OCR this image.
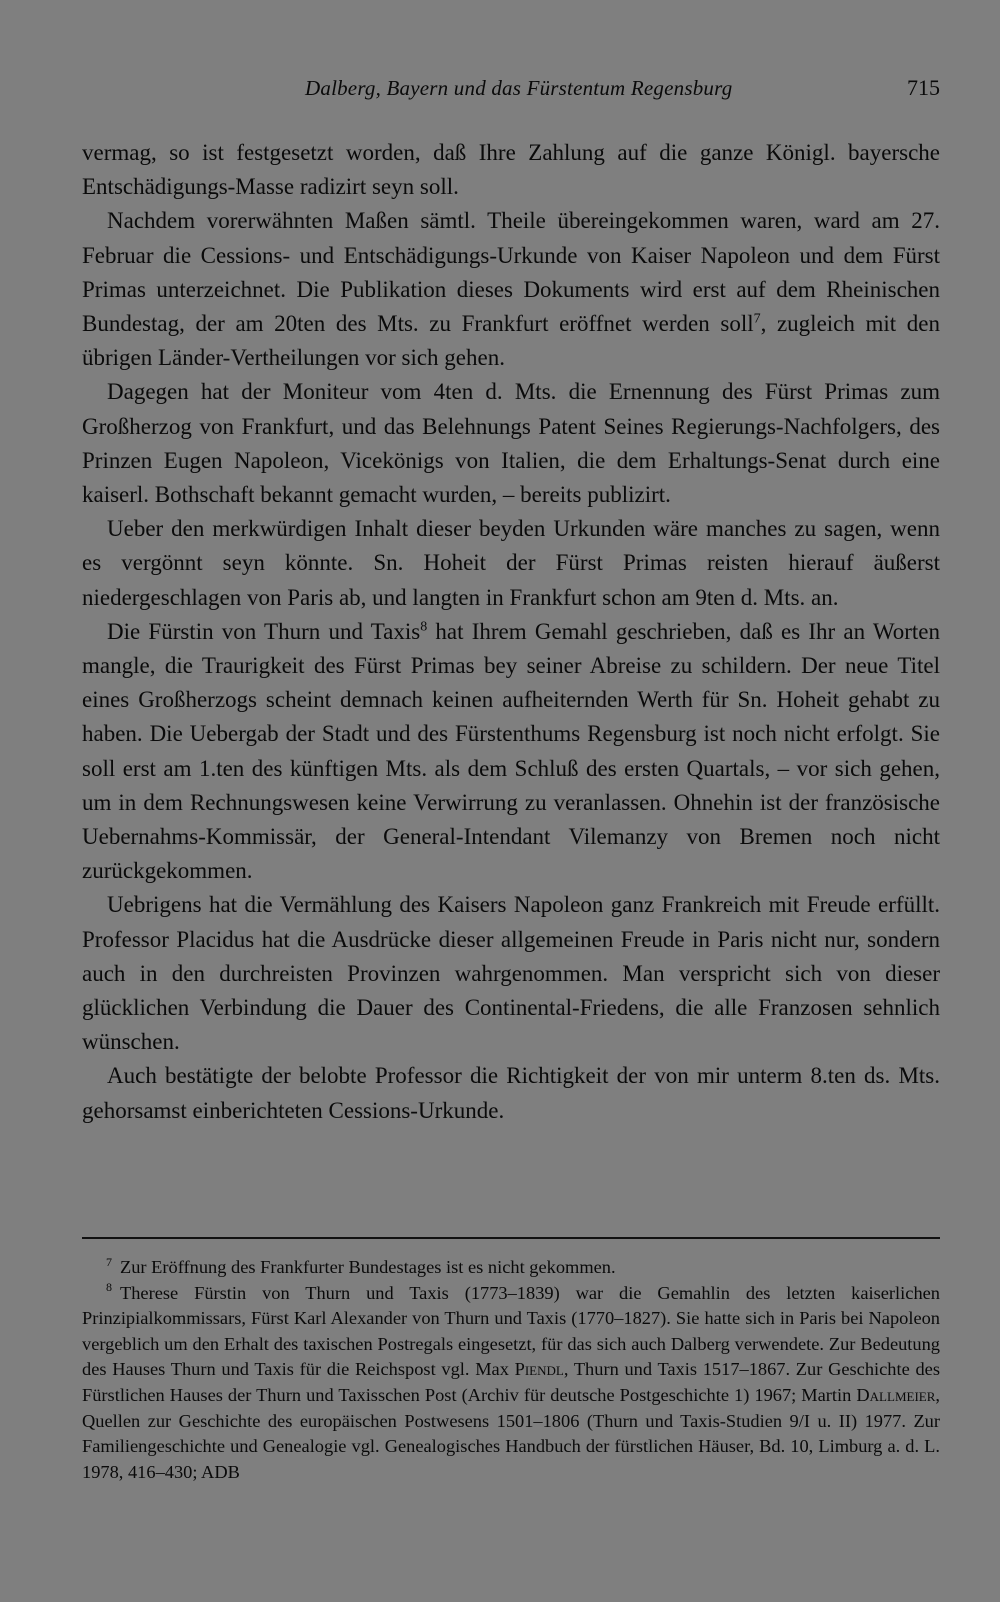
Dalberg, Bayern und das Fürstentum Regensburg	715

vermag, so ist festgesetzt worden, daß Ihre Zahlung auf die ganze Königl. bayersche Entschädigungs-Masse radizirt seyn soll.

Nachdem vorerwähnten Maßen sämtl. Theile übereingekommen waren, ward am 27. Februar die Cessions- und Entschädigungs-Urkunde von Kaiser Napoleon und dem Fürst Primas unterzeichnet. Die Publikation dieses Dokuments wird erst auf dem Rheinischen Bundestag, der am 20ten des Mts. zu Frankfurt eröffnet werden soll$^7$, zugleich mit den übrigen Länder-Vertheilungen vor sich gehen.

Dagegen hat der Moniteur vom 4ten d. Mts. die Ernennung des Fürst Primas zum Großherzog von Frankfurt, und das Belehnungs Patent Seines Regierungs-Nachfolgers, des Prinzen Eugen Napoleon, Vicekönigs von Italien, die dem Erhaltungs-Senat durch eine kaiserl. Bothschaft bekannt gemacht wurden, – bereits publizirt.

Ueber den merkwürdigen Inhalt dieser beyden Urkunden wäre manches zu sagen, wenn es vergönnt seyn könnte. Sn. Hoheit der Fürst Primas reisten hierauf äußerst niedergeschlagen von Paris ab, und langten in Frankfurt schon am 9ten d. Mts. an.

Die Fürstin von Thurn und Taxis$^8$ hat Ihrem Gemahl geschrieben, daß es Ihr an Worten mangle, die Traurigkeit des Fürst Primas bey seiner Abreise zu schildern. Der neue Titel eines Großherzogs scheint demnach keinen aufheiternden Werth für Sn. Hoheit gehabt zu haben. Die Uebergab der Stadt und des Fürstenthums Regensburg ist noch nicht erfolgt. Sie soll erst am 1.ten des künftigen Mts. als dem Schluß des ersten Quartals, – vor sich gehen, um in dem Rechnungswesen keine Verwirrung zu veranlassen. Ohnehin ist der französische Uebernahms-Kommissär, der General-Intendant Vilemanzy von Bremen noch nicht zurückgekommen.

Uebrigens hat die Vermählung des Kaisers Napoleon ganz Frankreich mit Freude erfüllt. Professor Placidus hat die Ausdrücke dieser allgemeinen Freude in Paris nicht nur, sondern auch in den durchreisten Provinzen wahrgenommen. Man verspricht sich von dieser glücklichen Verbindung die Dauer des Continental-Friedens, die alle Franzosen sehnlich wünschen.

Auch bestätigte der belobte Professor die Richtigkeit der von mir unterm 8.ten ds. Mts. gehorsamst einberichteten Cessions-Urkunde.

$^7$ Zur Eröffnung des Frankfurter Bundestages ist es nicht gekommen.

$^8$ Therese Fürstin von Thurn und Taxis (1773–1839) war die Gemahlin des letzten kaiserlichen Prinzipialkommissars, Fürst Karl Alexander von Thurn und Taxis (1770–1827). Sie hatte sich in Paris bei Napoleon vergeblich um den Erhalt des taxischen Postregals eingesetzt, für das sich auch Dalberg verwendete. Zur Bedeutung des Hauses Thurn und Taxis für die Reichspost vgl. Max Piendl, Thurn und Taxis 1517–1867. Zur Geschichte des Fürstlichen Hauses der Thurn und Taxisschen Post (Archiv für deutsche Postgeschichte 1) 1967; Martin Dallmeier, Quellen zur Geschichte des europäischen Postwesens 1501–1806 (Thurn und Taxis-Studien 9/I u. II) 1977. Zur Familiengeschichte und Genealogie vgl. Genealogisches Handbuch der fürstlichen Häuser, Bd. 10, Limburg a. d. L. 1978, 416–430; ADB
